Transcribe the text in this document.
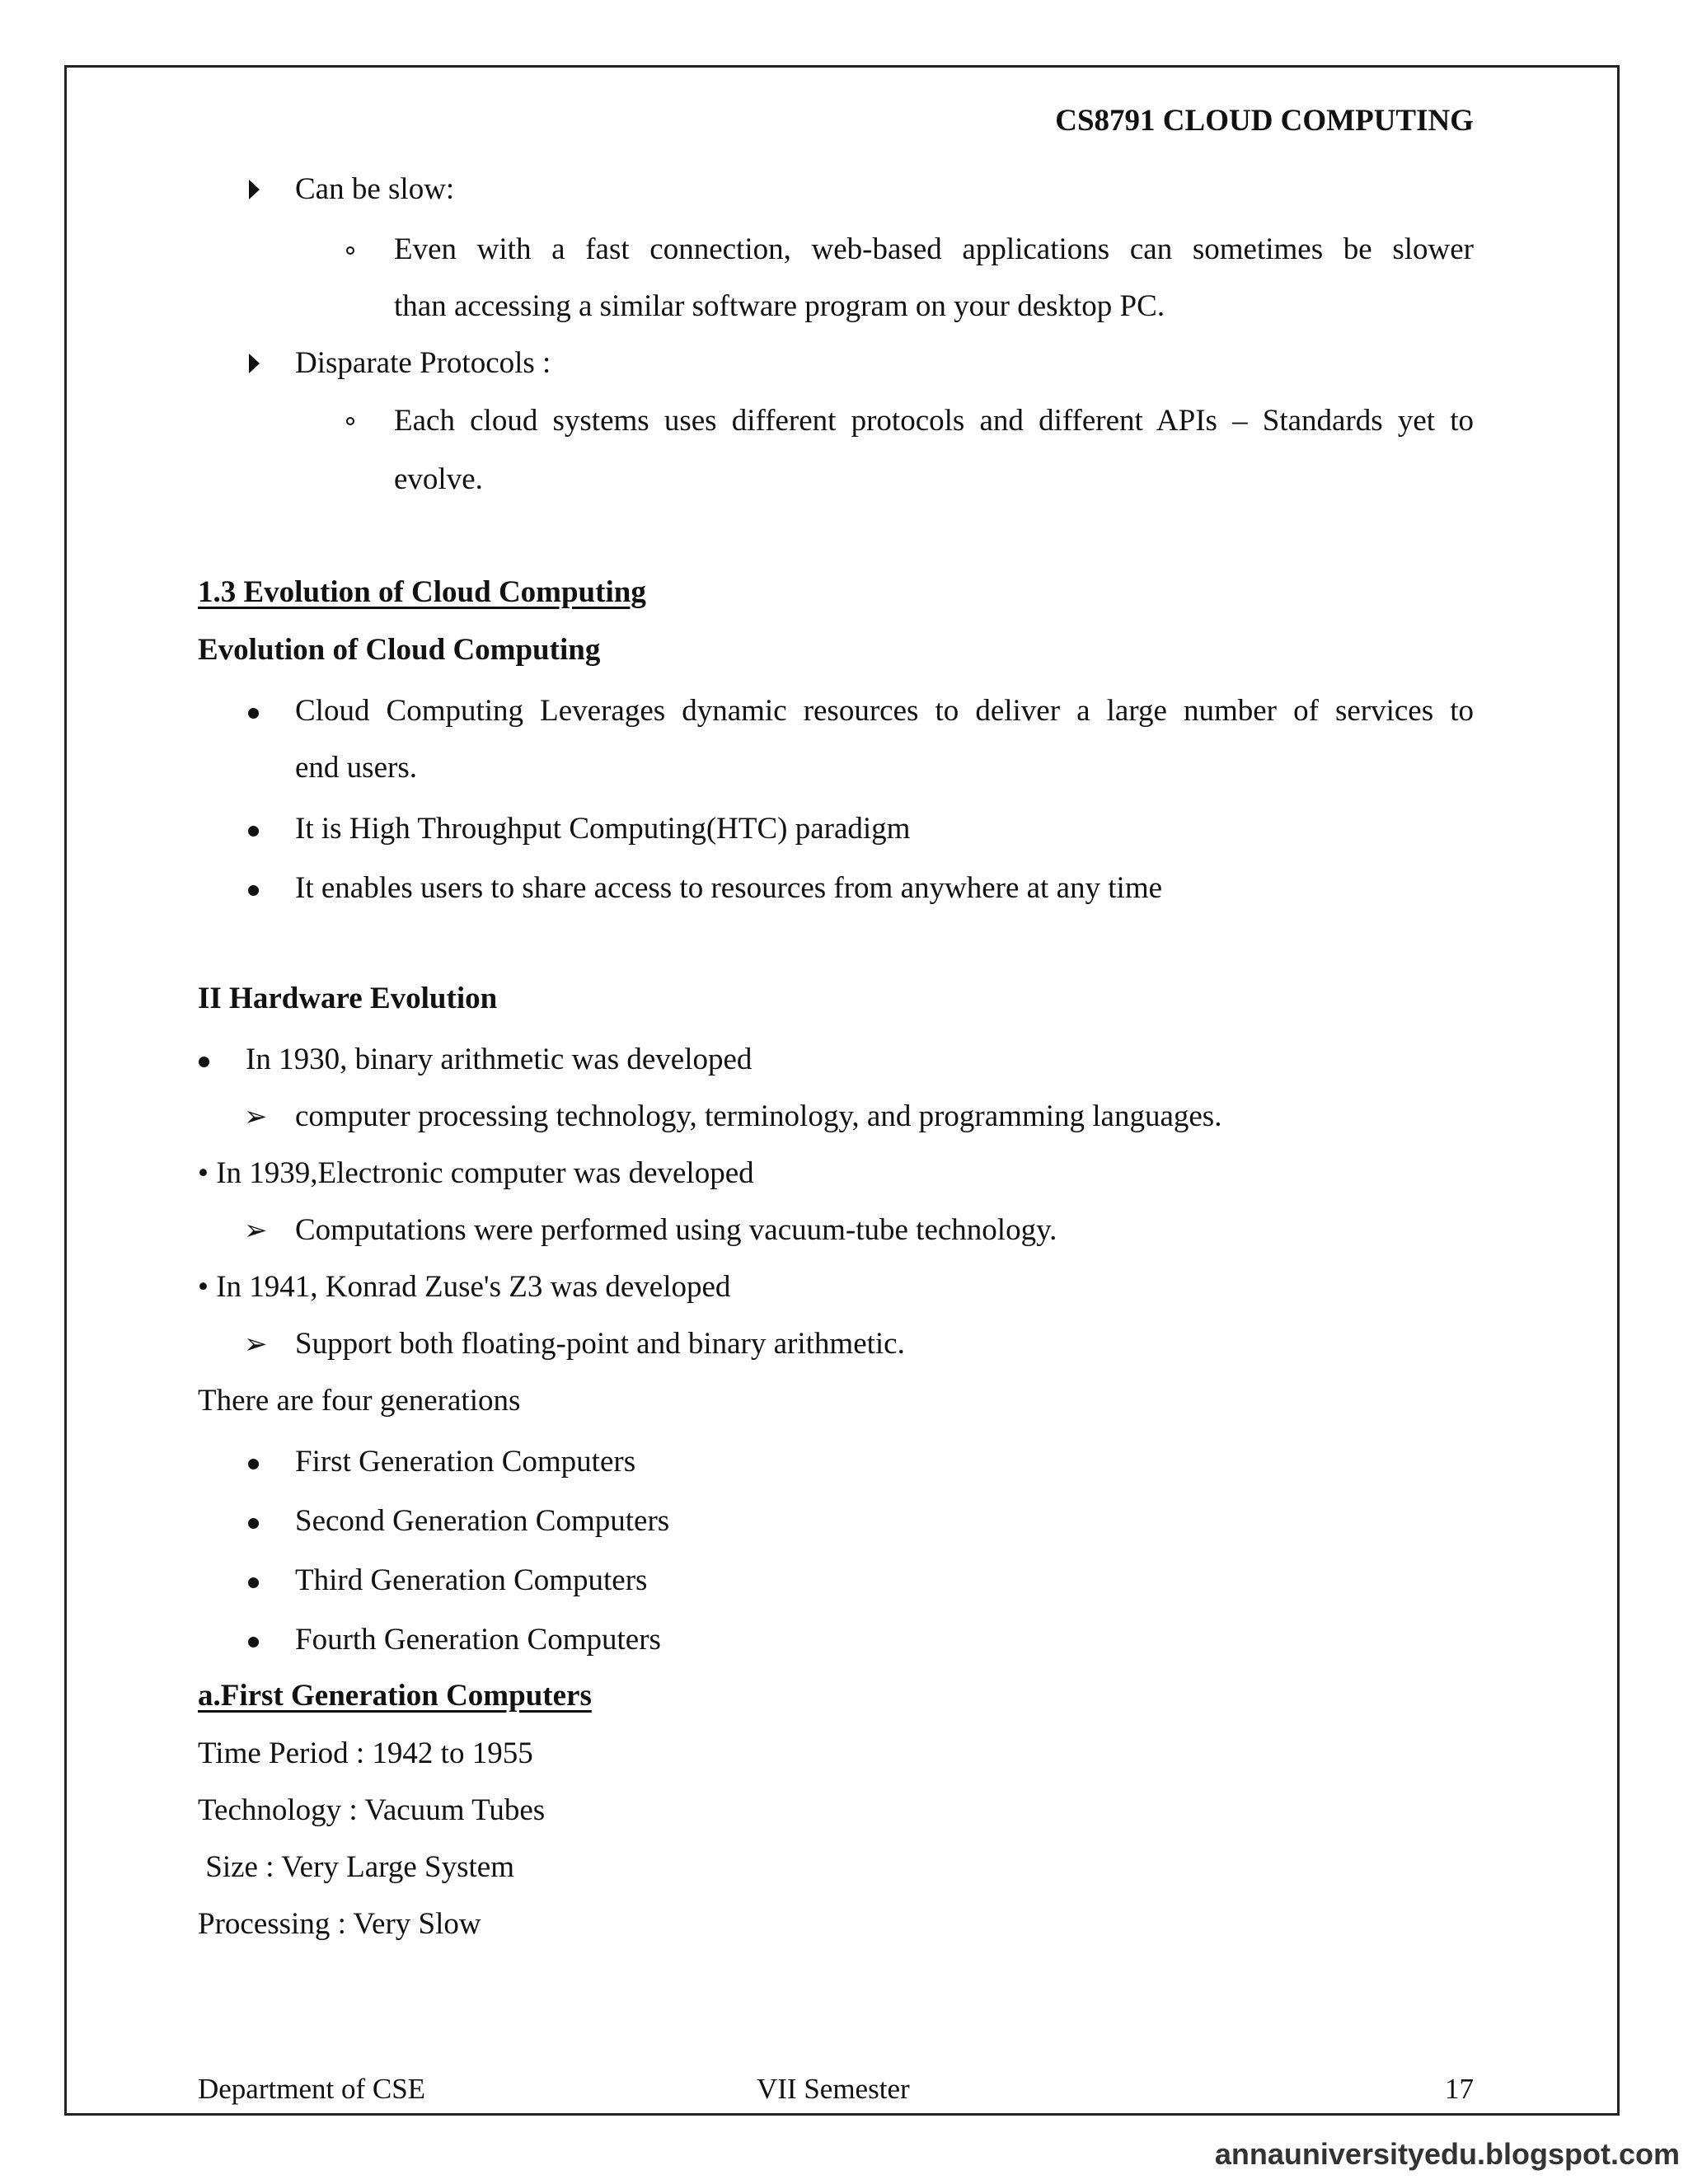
CS8791 CLOUD COMPUTING
Can be slow:
Even with a fast connection, web-based applications can sometimes be slower
than accessing a similar software program on your desktop PC.
Disparate Protocols :
Each cloud systems uses different protocols and different APIs – Standards yet to
evolve.
1.3 Evolution of Cloud Computing
Evolution of Cloud Computing
Cloud Computing Leverages dynamic resources to deliver a large number of services to
end users.
It is High Throughput Computing(HTC) paradigm
It enables users to share access to resources from anywhere at any time
II Hardware Evolution
In 1930, binary arithmetic was developed
➢ computer processing technology, terminology, and programming languages.
• In 1939,Electronic computer was developed
➢ Computations were performed using vacuum-tube technology.
• In 1941, Konrad Zuse's Z3 was developed
➢ Support both floating-point and binary arithmetic.
There are four generations
First Generation Computers
Second Generation Computers
Third Generation Computers
Fourth Generation Computers
a.First Generation Computers
Time Period : 1942 to 1955
Technology : Vacuum Tubes
Size : Very Large System
Processing : Very Slow
Department of CSE	VII Semester	17
annauniversityedu.blogspot.com
